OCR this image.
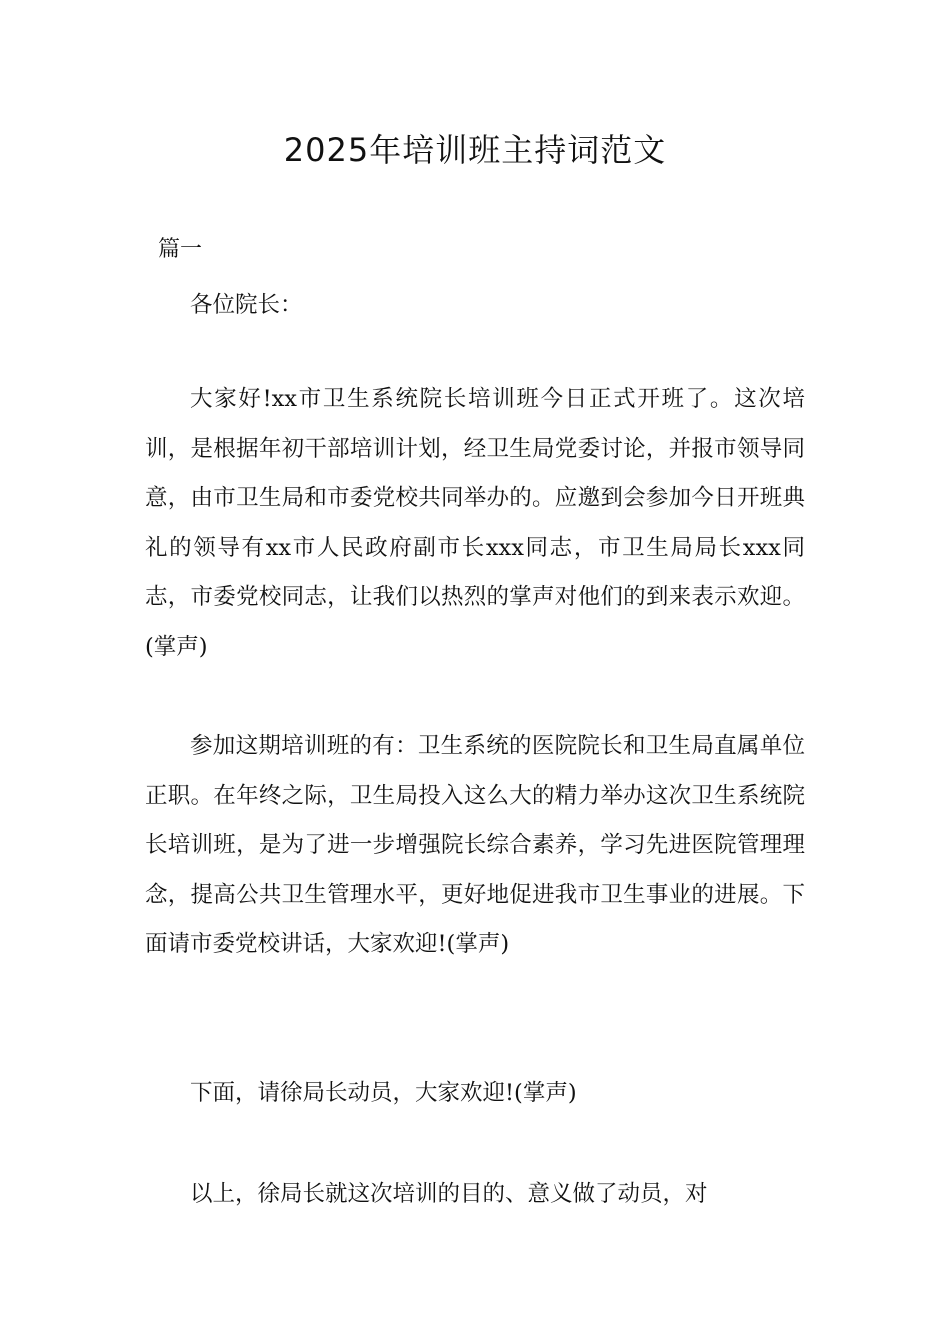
2025年培训班主持词范文

篇一

各位院长：

大家好!xx市卫生系统院长培训班今日正式开班了。这次培训，是根据年初干部培训计划，经卫生局党委讨论，并报市领导同意，由市卫生局和市委党校共同举办的。应邀到会参加今日开班典礼的领导有xx市人民政府副市长xxx同志，市卫生局局长xxx同志，市委党校同志，让我们以热烈的掌声对他们的到来表示欢迎。(掌声)

参加这期培训班的有：卫生系统的医院院长和卫生局直属单位正职。在年终之际，卫生局投入这么大的精力举办这次卫生系统院长培训班，是为了进一步增强院长综合素养，学习先进医院管理理念，提高公共卫生管理水平，更好地促进我市卫生事业的进展。下面请市委党校讲话，大家欢迎!(掌声)

下面，请徐局长动员，大家欢迎!(掌声)

以上，徐局长就这次培训的目的、意义做了动员，对
